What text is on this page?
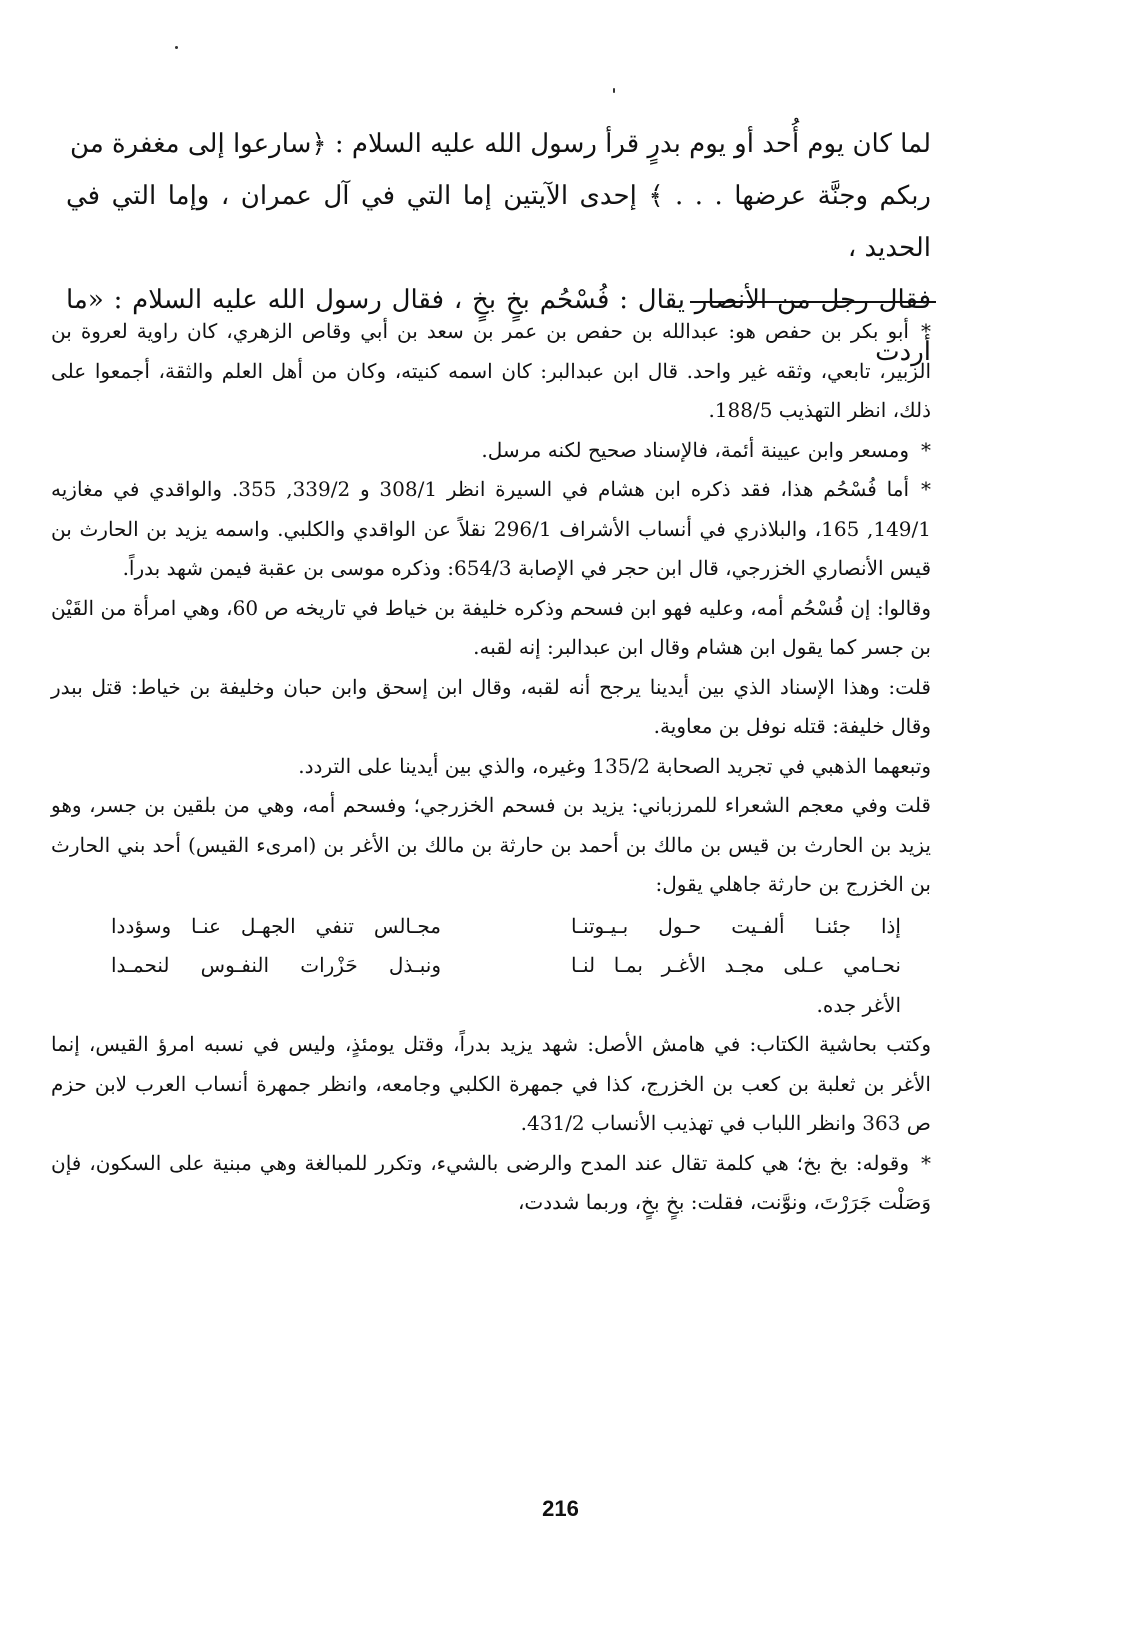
لما كان يوم أُحد أو يوم بدرٍ قرأ رسول الله عليه السلام : ﴿سارعوا إلى مغفرة من

ربكم وجنَّة عرضها . . . ﴾ إحدى الآيتين إما التي في آل عمران ، وإما التي في الحديد ،

فقال رجل من الأنصار يقال : فُسْحُم بخٍ بخٍ ، فقال رسول الله عليه السلام : «ما أردت

*أبو بكر بن حفص هو: عبدالله بن حفص بن عمر بن سعد بن أبي وقاص الزهري، كان راوية لعروة بن الزبير، تابعي، وثقه غير واحد. قال ابن عبدالبر: كان اسمه كنيته، وكان من أهل العلم والثقة، أجمعوا على ذلك، انظر التهذيب 188/5.

*ومسعر وابن عيينة أئمة، فالإسناد صحيح لكنه مرسل.

*أما فُسْحُم هذا، فقد ذكره ابن هشام في السيرة انظر 308/1 و 339/2, 355. والواقدي في مغازيه 149/1, 165، والبلاذري في أنساب الأشراف 296/1 نقلاً عن الواقدي والكلبي. واسمه يزيد بن الحارث بن قيس الأنصاري الخزرجي، قال ابن حجر في الإصابة 654/3: وذكره موسى بن عقبة فيمن شهد بدراً.

وقالوا: إن فُسْحُم أمه، وعليه فهو ابن فسحم وذكره خليفة بن خياط في تاريخه ص 60، وهي امرأة من القَيْن بن جسر كما يقول ابن هشام وقال ابن عبدالبر: إنه لقبه.

قلت: وهذا الإسناد الذي بين أيدينا يرجح أنه لقبه، وقال ابن إسحق وابن حبان وخليفة بن خياط: قتل ببدر وقال خليفة: قتله نوفل بن معاوية.

وتبعهما الذهبي في تجريد الصحابة 135/2 وغيره، والذي بين أيدينا على التردد.

قلت وفي معجم الشعراء للمرزباني: يزيد بن فسحم الخزرجي؛ وفسحم أمه، وهي من بلقين بن جسر، وهو يزيد بن الحارث بن قيس بن مالك بن أحمد بن حارثة بن مالك بن الأغر بن (امرىء القيس) أحد بني الحارث بن الخزرج بن حارثة جاهلي يقول:

إذا جئنـا ألفـيت حـول بـيـوتنـا
مجـالس تنفي الجهـل عنـا وسؤددا
نحـامي عـلى مجـد الأغـر بمـا لنـا
ونبـذل حَزْرات النفـوس لنحمـدا

الأغر جده.

وكتب بحاشية الكتاب: في هامش الأصل: شهد يزيد بدراً، وقتل يومئذٍ، وليس في نسبه امرؤ القيس، إنما الأغر بن ثعلبة بن كعب بن الخزرج، كذا في جمهرة الكلبي وجامعه، وانظر جمهرة أنساب العرب لابن حزم ص 363 وانظر اللباب في تهذيب الأنساب 431/2.

*وقوله: بخ بخ؛ هي كلمة تقال عند المدح والرضى بالشيء، وتكرر للمبالغة وهي مبنية على السكون، فإن وَصَلْت جَرَرْتَ، ونوَّنت، فقلت: بخٍ بخٍ، وربما شددت،

216
